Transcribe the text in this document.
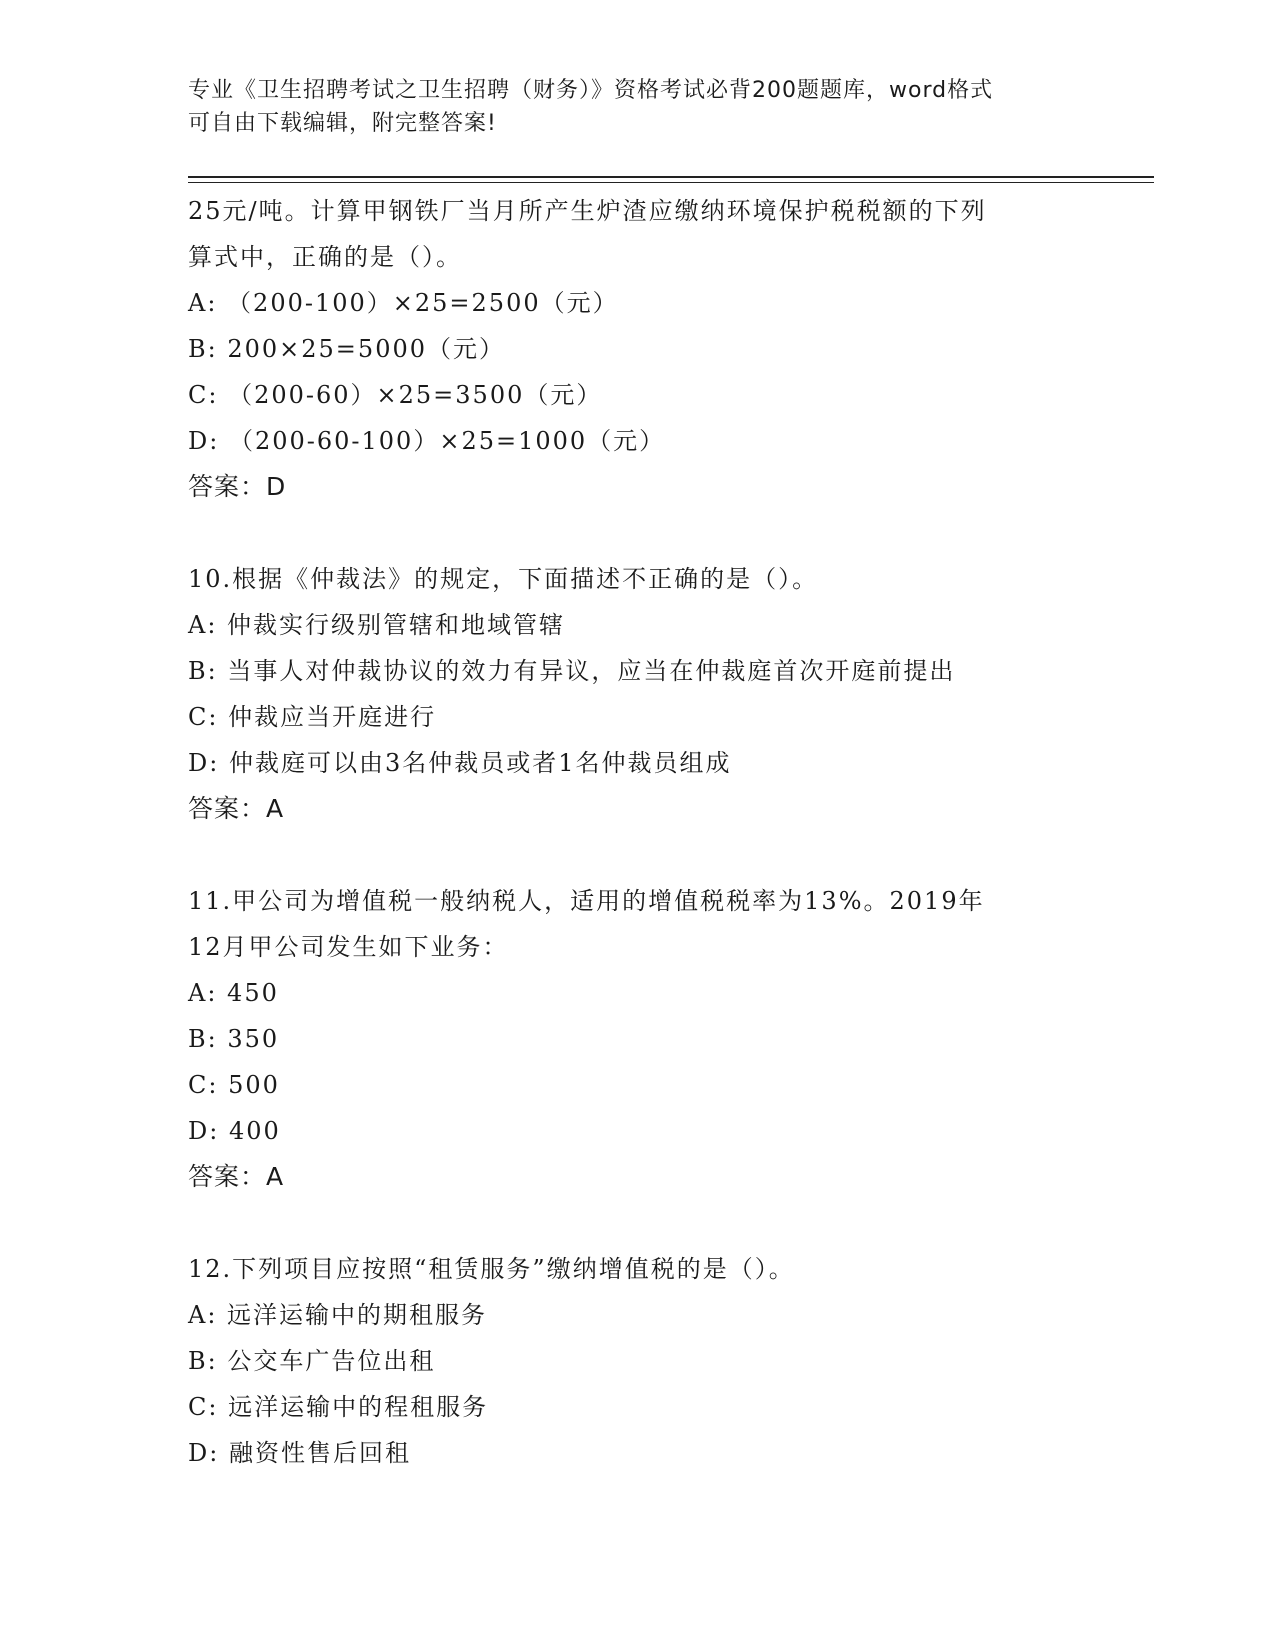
专业《卫生招聘考试之卫生招聘（财务）》资格考试必背200题题库，word格式
可自由下载编辑，附完整答案!
25元/吨。计算甲钢铁厂当月所产生炉渣应缴纳环境保护税税额的下列
算式中，正确的是（）。
A: （200-100）×25=2500（元）
B: 200×25=5000（元）
C: （200-60）×25=3500（元）
D: （200-60-100）×25=1000（元）
答案：D
10.根据《仲裁法》的规定，下面描述不正确的是（）。
A: 仲裁实行级别管辖和地域管辖
B: 当事人对仲裁协议的效力有异议，应当在仲裁庭首次开庭前提出
C: 仲裁应当开庭进行
D: 仲裁庭可以由3名仲裁员或者1名仲裁员组成
答案：A
11.甲公司为增值税一般纳税人，适用的增值税税率为13%。2019年
12月甲公司发生如下业务：
A: 450
B: 350
C: 500
D: 400
答案：A
12.下列项目应按照“租赁服务”缴纳增值税的是（）。
A: 远洋运输中的期租服务
B: 公交车广告位出租
C: 远洋运输中的程租服务
D: 融资性售后回租
